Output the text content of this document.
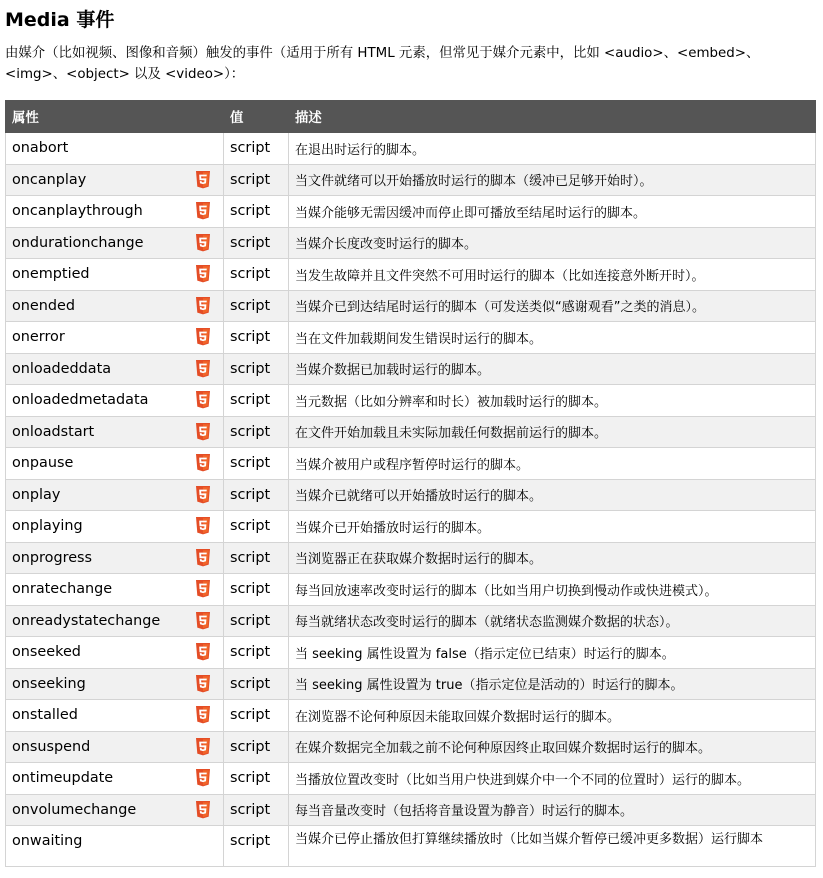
Media 事件

由媒介（比如视频、图像和音频）触发的事件（适用于所有 HTML 元素，但常见于媒介元素中，比如 <audio>、<embed>、<img>、<object> 以及 <video>）：

属性	值	描述
onabort	script	在退出时运行的脚本。
oncanplay	script	当文件就绪可以开始播放时运行的脚本（缓冲已足够开始时）。
oncanplaythrough	script	当媒介能够无需因缓冲而停止即可播放至结尾时运行的脚本。
ondurationchange	script	当媒介长度改变时运行的脚本。
onemptied	script	当发生故障并且文件突然不可用时运行的脚本（比如连接意外断开时）。
onended	script	当媒介已到达结尾时运行的脚本（可发送类似“感谢观看”之类的消息）。
onerror	script	当在文件加载期间发生错误时运行的脚本。
onloadeddata	script	当媒介数据已加载时运行的脚本。
onloadedmetadata	script	当元数据（比如分辨率和时长）被加载时运行的脚本。
onloadstart	script	在文件开始加载且未实际加载任何数据前运行的脚本。
onpause	script	当媒介被用户或程序暂停时运行的脚本。
onplay	script	当媒介已就绪可以开始播放时运行的脚本。
onplaying	script	当媒介已开始播放时运行的脚本。
onprogress	script	当浏览器正在获取媒介数据时运行的脚本。
onratechange	script	每当回放速率改变时运行的脚本（比如当用户切换到慢动作或快进模式）。
onreadystatechange	script	每当就绪状态改变时运行的脚本（就绪状态监测媒介数据的状态）。
onseeked	script	当 seeking 属性设置为 false（指示定位已结束）时运行的脚本。
onseeking	script	当 seeking 属性设置为 true（指示定位是活动的）时运行的脚本。
onstalled	script	在浏览器不论何种原因未能取回媒介数据时运行的脚本。
onsuspend	script	在媒介数据完全加载之前不论何种原因终止取回媒介数据时运行的脚本。
ontimeupdate	script	当播放位置改变时（比如当用户快进到媒介中一个不同的位置时）运行的脚本。
onvolumechange	script	每当音量改变时（包括将音量设置为静音）时运行的脚本。
onwaiting	script	当媒介已停止播放但打算继续播放时（比如当媒介暂停已缓冲更多数据）运行脚本
